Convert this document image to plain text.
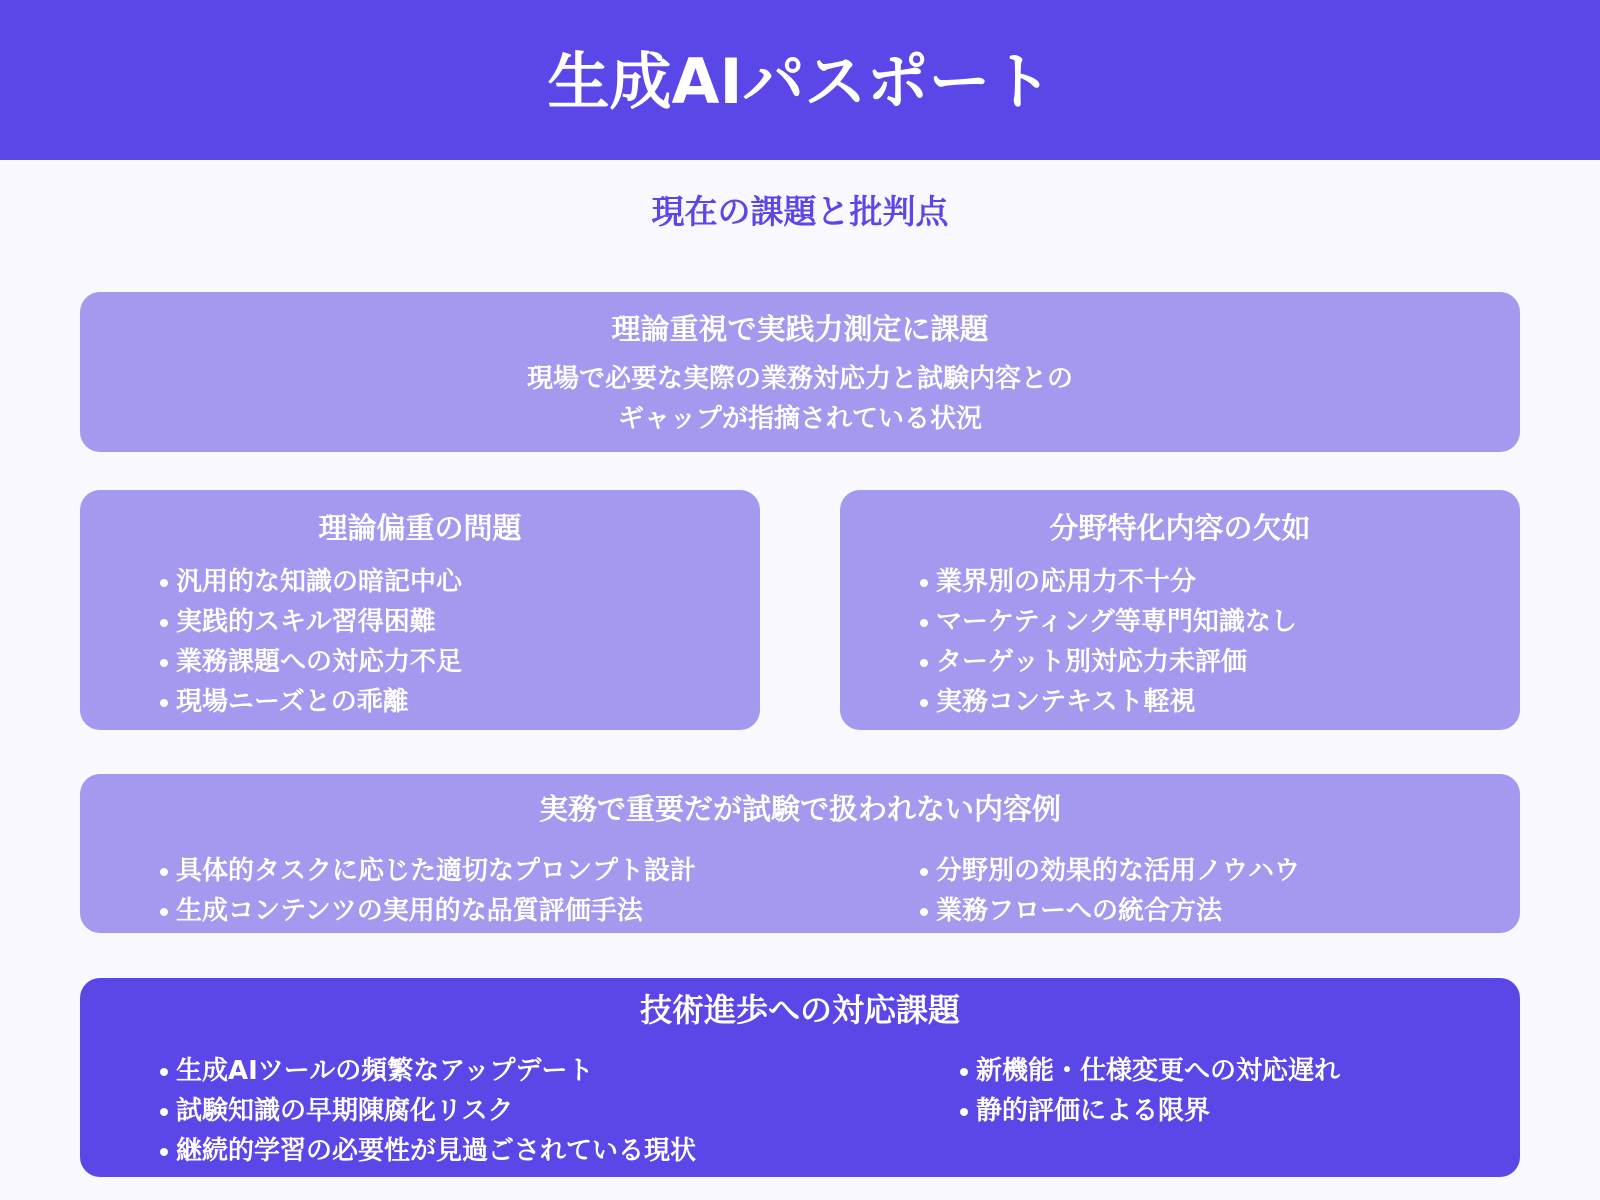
生成AIパスポート
現在の課題と批判点
理論重視で実践力測定に課題
現場で必要な実際の業務対応力と試験内容との
ギャップが指摘されている状況
理論偏重の問題
汎用的な知識の暗記中心
実践的スキル習得困難
業務課題への対応力不足
現場ニーズとの乖離
分野特化内容の欠如
業界別の応用力不十分
マーケティング等専門知識なし
ターゲット別対応力未評価
実務コンテキスト軽視
実務で重要だが試験で扱われない内容例
具体的タスクに応じた適切なプロンプト設計
生成コンテンツの実用的な品質評価手法
分野別の効果的な活用ノウハウ
業務フローへの統合方法
技術進歩への対応課題
生成AIツールの頻繁なアップデート
試験知識の早期陳腐化リスク
継続的学習の必要性が見過ごされている現状
新機能・仕様変更への対応遅れ
静的評価による限界
